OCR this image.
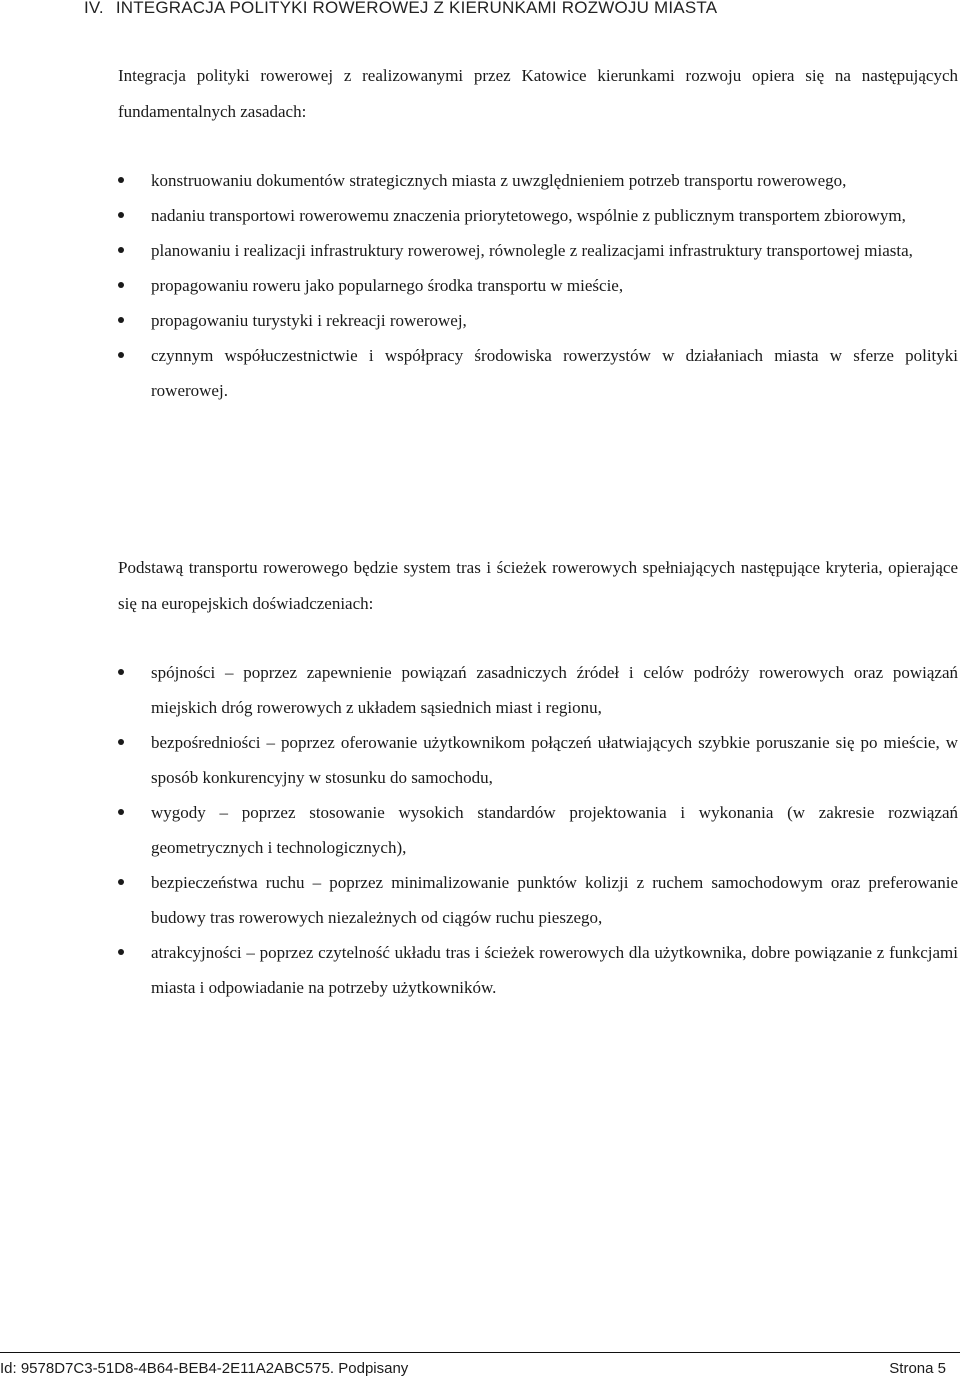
IV. INTEGRACJA POLITYKI ROWEROWEJ Z KIERUNKAMI ROZWOJU MIASTA

Integracja polityki rowerowej z realizowanymi przez Katowice kierunkami rozwoju opiera się na następujących fundamentalnych zasadach:

konstruowaniu dokumentów strategicznych miasta z uwzględnieniem potrzeb transportu rowerowego,
nadaniu transportowi rowerowemu znaczenia priorytetowego, wspólnie z publicznym transportem zbiorowym,
planowaniu i realizacji infrastruktury rowerowej, równolegle z realizacjami infrastruktury transportowej miasta,
propagowaniu roweru jako popularnego środka transportu w mieście,
propagowaniu turystyki i rekreacji rowerowej,
czynnym współuczestnictwie i współpracy środowiska rowerzystów w działaniach miasta w sferze polityki rowerowej.

Podstawą transportu rowerowego będzie system tras i ścieżek rowerowych spełniających następujące kryteria, opierające się na europejskich doświadczeniach:

spójności – poprzez zapewnienie powiązań zasadniczych źródeł i celów podróży rowerowych oraz powiązań miejskich dróg rowerowych z układem sąsiednich miast i regionu,
bezpośredniości – poprzez oferowanie użytkownikom połączeń ułatwiających szybkie poruszanie się po mieście, w sposób konkurencyjny w stosunku do samochodu,
wygody – poprzez stosowanie wysokich standardów projektowania i wykonania (w zakresie rozwiązań geometrycznych i technologicznych),
bezpieczeństwa ruchu – poprzez minimalizowanie punktów kolizji z ruchem samochodowym oraz preferowanie budowy tras rowerowych niezależnych od ciągów ruchu pieszego,
atrakcyjności – poprzez czytelność układu tras i ścieżek rowerowych dla użytkownika, dobre powiązanie z funkcjami miasta i odpowiadanie na potrzeby użytkowników.
Id: 9578D7C3-51D8-4B64-BEB4-2E11A2ABC575. Podpisany	Strona 5
